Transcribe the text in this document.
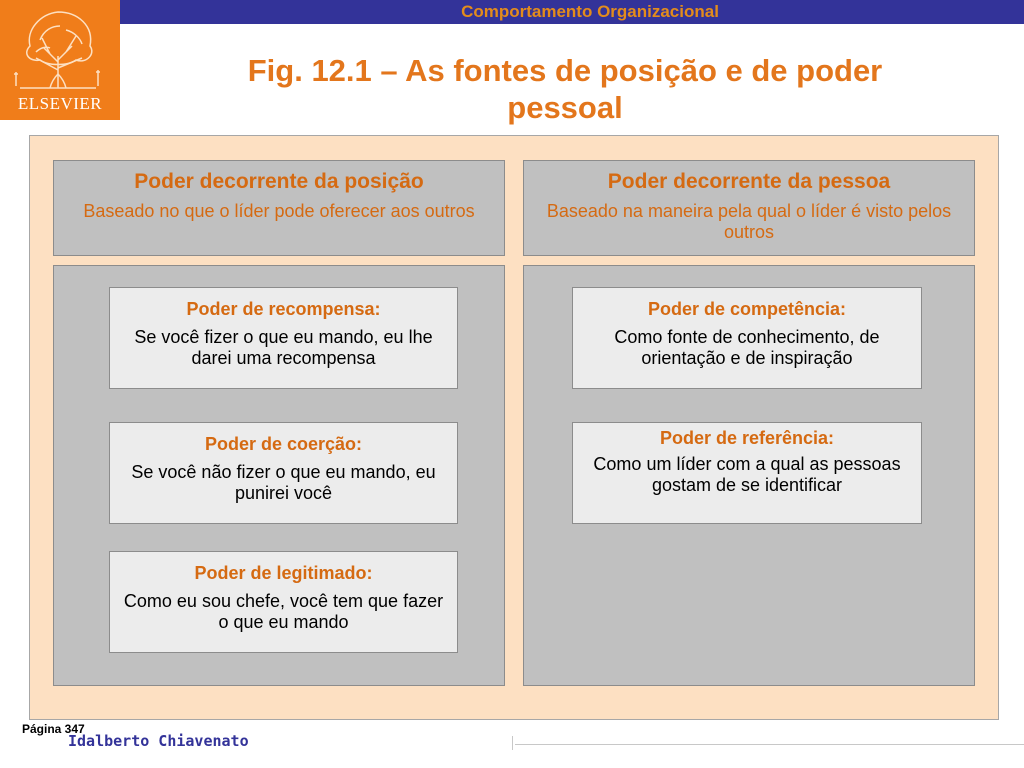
Comportamento Organizacional
ELSEVIER
Fig. 12.1 – As fontes de posição e de poder
pessoal
Poder decorrente da posição
Baseado no que o líder pode oferecer aos outros
Poder decorrente da pessoa
Baseado na maneira pela qual o líder é visto pelos outros
Poder de recompensa:
Se você fizer o que eu mando, eu lhe darei uma recompensa
Poder de coerção:
Se você não fizer o que eu mando, eu punirei você
Poder de legitimado:
Como eu sou chefe, você tem que fazer o que eu mando
Poder de competência:
Como fonte de conhecimento, de orientação e de inspiração
Poder de referência:
Como um líder com a qual as pessoas gostam de se identificar
Página 347
Idalberto Chiavenato
